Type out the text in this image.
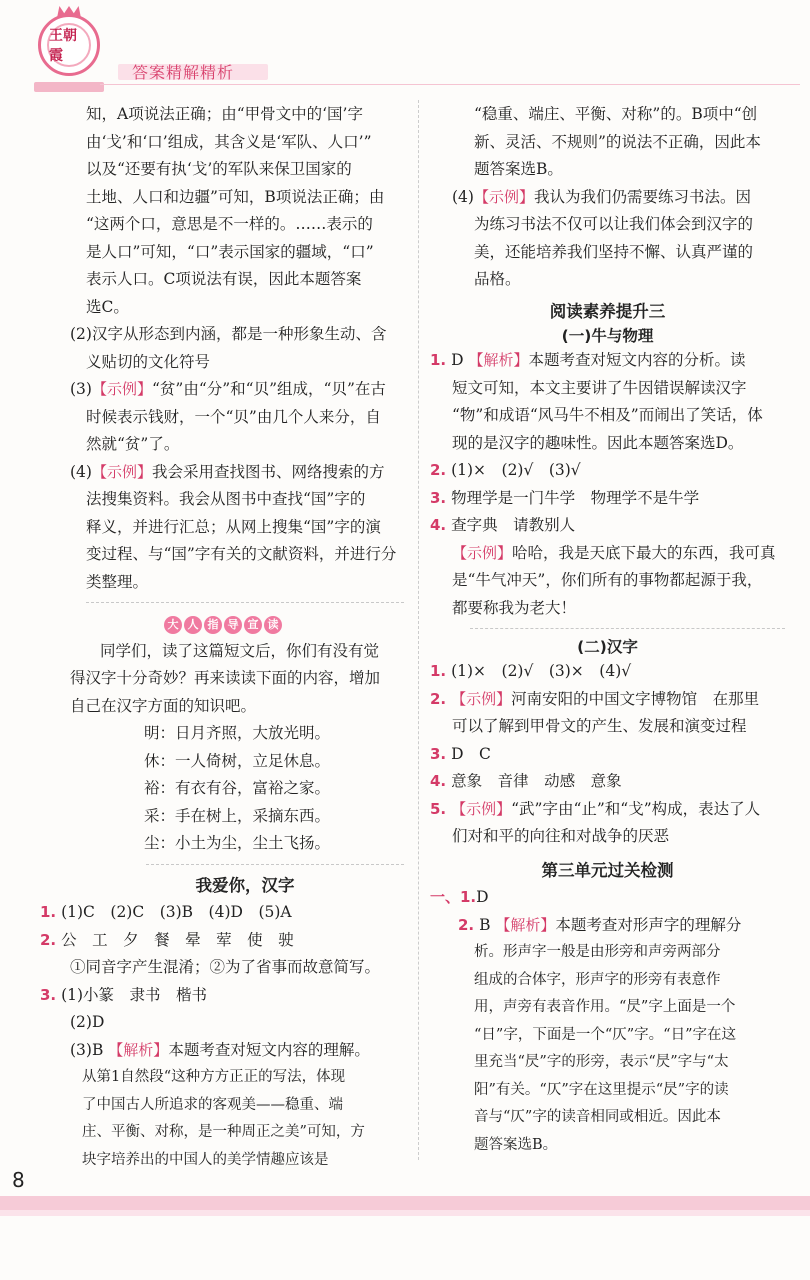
王朝霞
答案精解精析

知，A项说法正确；由“甲骨文中的‘国’字

由‘戈’和‘口’组成，其含义是‘军队、人口’”

以及“还要有执‘戈’的军队来保卫国家的

土地、人口和边疆”可知，B项说法正确；由

“这两个口，意思是不一样的。……表示的

是人口”可知，“口”表示国家的疆域，“口”

表示人口。C项说法有误，因此本题答案

选C。

(2)汉字从形态到内涵，都是一种形象生动、含

义贴切的文化符号

(3)【示例】“贫”由“分”和“贝”组成，“贝”在古

时候表示钱财，一个“贝”由几个人来分，自

然就“贫”了。

(4)【示例】我会采用查找图书、网络搜索的方

法搜集资料。我会从图书中查找“国”字的

释义，并进行汇总；从网上搜集“国”字的演

变过程、与“国”字有关的文献资料，并进行分

类整理。

大 人 指 导 宣 读

同学们，读了这篇短文后，你们有没有觉

得汉字十分奇妙？再来读读下面的内容，增加

自己在汉字方面的知识吧。

明：日月齐照，大放光明。

休：一人倚树，立足休息。

裕：有衣有谷，富裕之家。

采：手在树上，采摘东西。

尘：小土为尘，尘土飞扬。

我爱你，汉字

1. (1)C　(2)C　(3)B　(4)D　(5)A

2. 公　工　夕　餐　晕　荤　使　驶

①同音字产生混淆；②为了省事而故意简写。

3. (1)小篆　隶书　楷书

(2)D

(3)B 【解析】本题考查对短文内容的理解。

从第1自然段“这种方方正正的写法，体现

了中国古人所追求的客观美——稳重、端

庄、平衡、对称，是一种周正之美”可知，方

块字培养出的中国人的美学情趣应该是

“稳重、端庄、平衡、对称”的。B项中“创

新、灵活、不规则”的说法不正确，因此本

题答案选B。

(4)【示例】我认为我们仍需要练习书法。因

为练习书法不仅可以让我们体会到汉字的

美，还能培养我们坚持不懈、认真严谨的

品格。

阅读素养提升三

(一)牛与物理

1. D 【解析】本题考查对短文内容的分析。读

短文可知，本文主要讲了牛因错误解读汉字

“物”和成语“风马牛不相及”而闹出了笑话，体

现的是汉字的趣味性。因此本题答案选D。

2. (1)×　(2)√　(3)√

3. 物理学是一门牛学　物理学不是牛学

4. 查字典　请教别人

【示例】哈哈，我是天底下最大的东西，我可真

是“牛气冲天”，你们所有的事物都起源于我，

都要称我为老大！

(二)汉字

1. (1)×　(2)√　(3)×　(4)√

2. 【示例】河南安阳的中国文字博物馆　在那里

可以了解到甲骨文的产生、发展和演变过程

3. D　C

4. 意象　音律　动感　意象

5. 【示例】“武”字由“止”和“戈”构成，表达了人

们对和平的向往和对战争的厌恶

第三单元过关检测

一、1.D

2. B 【解析】本题考查对形声字的理解分

析。形声字一般是由形旁和声旁两部分

组成的合体字，形声字的形旁有表意作

用，声旁有表音作用。“昃”字上面是一个

“日”字，下面是一个“仄”字。“日”字在这

里充当“昃”字的形旁，表示“昃”字与“太

阳”有关。“仄”字在这里提示“昃”字的读

音与“仄”字的读音相同或相近。因此本

题答案选B。

8
